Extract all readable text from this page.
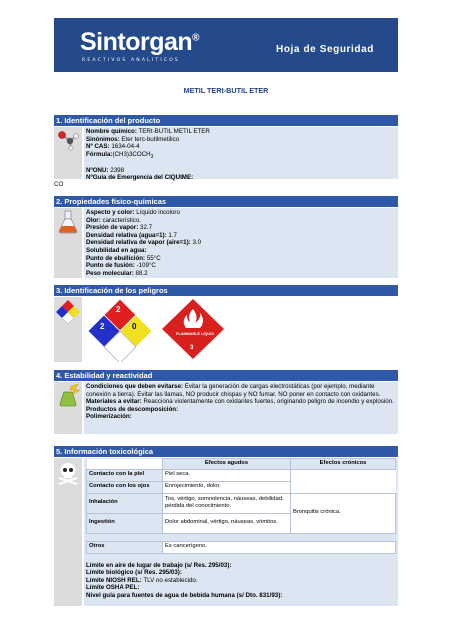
Sintorgan®
REACTIVOS ANALITICOS
Hoja de Seguridad
METIL TERt-BUTIL ETER
1. Identificación del producto
Nombre químico: TERt-BUTIL METIL ETER
Sinónimos: Eter terc-butilmetilico
Nº CAS: 1634-04-4
$Fórmula:(CH3)3COCH_3$
NºONU: 2398
NºGuía de Emergencia del CIQUIME:
CO
2. Propiedades físico-químicas
Aspecto y color: Líquido incoloro
Olor: característico.
Presión de vapor: 32.7
Densidad relativa (agua=1): 1.7
Densidad relativa de vapor (aire=1): 3.0
Solubilidad en agua:
Punto de ebullición: 55°C
Punto de fusión: -109°C
Peso molecular: 88.2
3. Identificación de los peligros
2
2	0
FLAMMABLE LIQUID
3
4. Estabilidad y reactividad
Condiciones que deben evitarse: Evitar la generación de cargas electrostáticas (por ejemplo, mediante conexión a tierra). Evitar las llamas, NO producir chispas y NO fumar. NO poner en contacto con oxidantes.
Materiales a evitar: Reacciona violentamente con oxidantes fuertes, originando peligro de incendio y explosión.
Productos de descomposición:
Polimerización:
5. Información toxicológica
	Efectos agudos	Efectos crónicos
Contacto con la piel	Piel seca.	
Contacto con los ojos	Enrojecimiento, dolor.	
Inhalación	Tos, vértigo, somnolencia, náuseas, debilidad, pérdida del conocimiento.	Bronquitis crónica.
Ingestión	Dolor abdominal, vértigo, náuseas, vómitos.	

Otros	Es cancerígeno.	
Límite en aire de lugar de trabajo (s/ Res. 295/03):
Límite biológico (s/ Res. 295/03):
Límite NIOSH REL: TLV no establecido.
Límite OSHA PEL:
Nivel guía para fuentes de agua de bebida humana (s/ Dto. 831/93):
